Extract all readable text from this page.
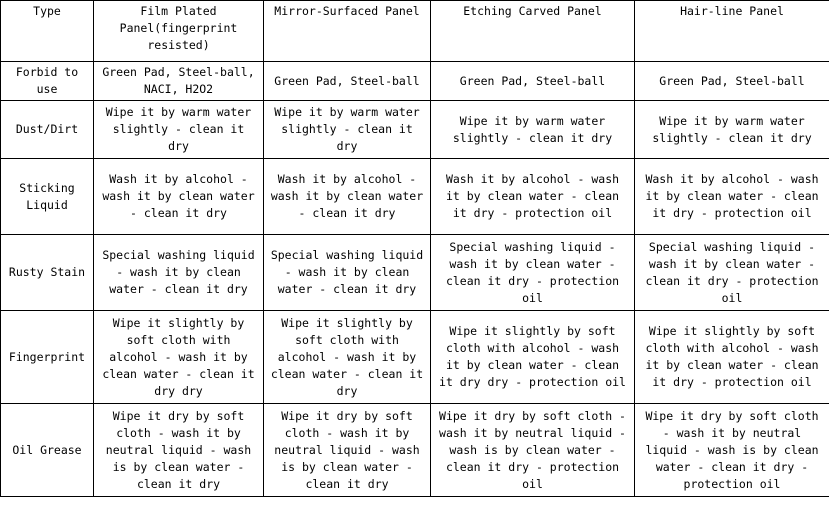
Type	Film Plated Panel(fingerprint resisted)	Mirror-Surfaced Panel	Etching Carved Panel	Hair-line Panel
Forbid to use	Green Pad, Steel-ball, NACI, H2O2	Green Pad, Steel-ball	Green Pad, Steel-ball	Green Pad, Steel-ball
Dust/Dirt	Wipe it by warm water slightly - clean it dry	Wipe it by warm water slightly - clean it dry	Wipe it by warm water slightly - clean it dry	Wipe it by warm water slightly - clean it dry
Sticking Liquid	Wash it by alcohol - wash it by clean water - clean it dry	Wash it by alcohol - wash it by clean water - clean it dry	Wash it by alcohol - wash it by clean water - clean it dry - protection oil	Wash it by alcohol - wash it by clean water - clean it dry - protection oil
Rusty Stain	Special washing liquid - wash it by clean water - clean it dry	Special washing liquid - wash it by clean water - clean it dry	Special washing liquid - wash it by clean water - clean it dry - protection oil	Special washing liquid - wash it by clean water - clean it dry - protection oil
Fingerprint	Wipe it slightly by soft cloth with alcohol - wash it by clean water - clean it dry dry	Wipe it slightly by soft cloth with alcohol - wash it by clean water - clean it dry	Wipe it slightly by soft cloth with alcohol - wash it by clean water - clean it dry dry - protection oil	Wipe it slightly by soft cloth with alcohol - wash it by clean water - clean it dry - protection oil
Oil Grease	Wipe it dry by soft cloth - wash it by neutral liquid - wash is by clean water - clean it dry	Wipe it dry by soft cloth - wash it by neutral liquid - wash is by clean water - clean it dry	Wipe it dry by soft cloth - wash it by neutral liquid - wash is by clean water - clean it dry - protection oil	Wipe it dry by soft cloth - wash it by neutral liquid - wash is by clean water - clean it dry - protection oil
